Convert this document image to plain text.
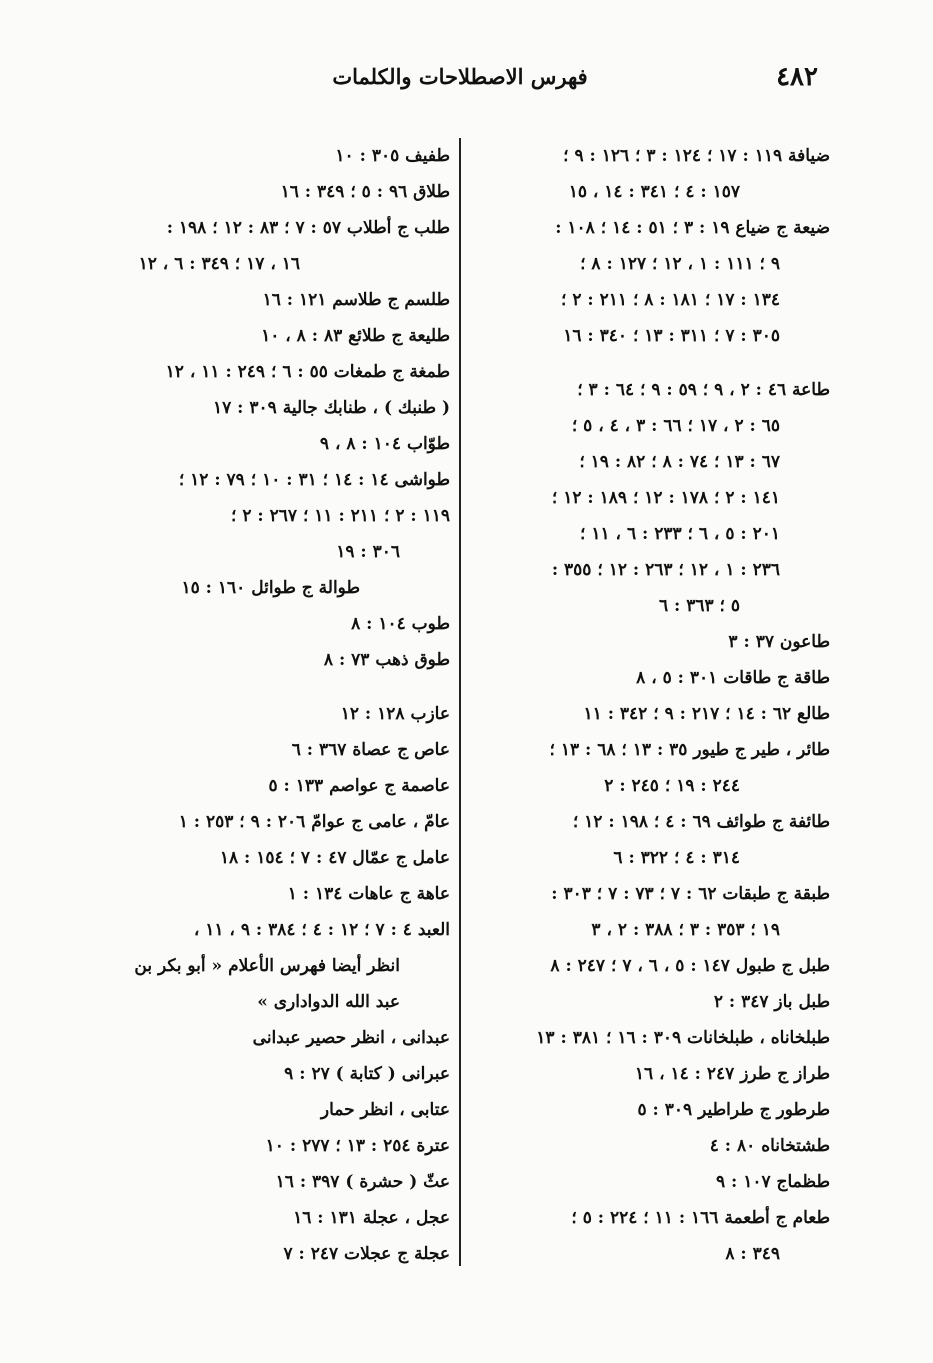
٤٨٢
فهرس الاصطلاحات والكلمات
ضيافة ١١٩ : ١٧ ؛ ١٢٤ : ٣ ؛ ١٢٦ : ٩ ؛
١٥٧ : ٤ ؛ ٣٤١ : ١٤ ، ١٥
ضيعة ج ضياع ١٩ : ٣ ؛ ٥١ : ١٤ ؛ ١٠٨ :
٩ ؛ ١١١ : ١ ، ١٢ ؛ ١٢٧ : ٨ ؛
١٣٤ : ١٧ ؛ ١٨١ : ٨ ؛ ٢١١ : ٢ ؛
٣٠٥ : ٧ ؛ ٣١١ : ١٣ ؛ ٣٤٠ : ١٦
طاعة ٤٦ : ٢ ، ٩ ؛ ٥٩ : ٩ ؛ ٦٤ : ٣ ؛
٦٥ : ٢ ، ١٧ ؛ ٦٦ : ٣ ، ٤ ، ٥ ؛
٦٧ : ١٣ ؛ ٧٤ : ٨ ؛ ٨٢ : ١٩ ؛
١٤١ : ٢ ؛ ١٧٨ : ١٢ ؛ ١٨٩ : ١٢ ؛
٢٠١ : ٥ ، ٦ ؛ ٢٣٣ : ٦ ، ١١ ؛
٢٣٦ : ١ ، ١٢ ؛ ٢٦٣ : ١٢ ؛ ٣٥٥ :
٥ ؛ ٣٦٣ : ٦
طاعون ٣٧ : ٣
طاقة ج طاقات ٣٠١ : ٥ ، ٨
طالع ٦٢ : ١٤ ؛ ٢١٧ : ٩ ؛ ٣٤٢ : ١١
طائر ، طير ج طيور ٣٥ : ١٣ ؛ ٦٨ : ١٣ ؛
٢٤٤ : ١٩ ؛ ٢٤٥ : ٢
طائفة ج طوائف ٦٩ : ٤ ؛ ١٩٨ : ١٢ ؛
٣١٤ : ٤ ؛ ٣٢٢ : ٦
طبقة ج طبقات ٦٢ : ٧ ؛ ٧٣ : ٧ ؛ ٣٠٣ :
١٩ ؛ ٣٥٣ : ٣ ؛ ٣٨٨ : ٢ ، ٣
طبل ج طبول ١٤٧ : ٥ ، ٦ ، ٧ ؛ ٢٤٧ : ٨
طبل باز ٣٤٧ : ٢
طبلخاناه ، طبلخانات ٣٠٩ : ١٦ ؛ ٣٨١ : ١٣
طراز ج طرز ٢٤٧ : ١٤ ، ١٦
طرطور ج طراطير ٣٠٩ : ٥
طشتخاناه ٨٠ : ٤
طظماج ١٠٧ : ٩
طعام ج أطعمة ١٦٦ : ١١ ؛ ٢٢٤ : ٥ ؛
٣٤٩ : ٨
طفيف ٣٠٥ : ١٠
طلاق ٩٦ : ٥ ؛ ٣٤٩ : ١٦
طلب ج أطلاب ٥٧ : ٧ ؛ ٨٣ : ١٢ ؛ ١٩٨ :
١٦ ، ١٧ ؛ ٣٤٩ : ٦ ، ١٢
طلسم ج طلاسم ١٢١ : ١٦
طليعة ج طلائع ٨٣ : ٨ ، ١٠
طمغة ج طمغات ٥٥ : ٦ ؛ ٢٤٩ : ١١ ، ١٢
( طنبك ) ، طنابك جالية ٣٠٩ : ١٧
طوّاب ١٠٤ : ٨ ، ٩
طواشى ١٤ : ١٤ ؛ ٣١ : ١٠ ؛ ٧٩ : ١٢ ؛
١١٩ : ٢ ؛ ٢١١ : ١١ ؛ ٢٦٧ : ٢ ؛
٣٠٦ : ١٩
طوالة ج طوائل ١٦٠ : ١٥
طوب ١٠٤ : ٨
طوق ذهب ٧٣ : ٨
عازب ١٢٨ : ١٢
عاص ج عصاة ٣٦٧ : ٦
عاصمة ج عواصم ١٣٣ : ٥
عامّ ، عامى ج عوامّ ٢٠٦ : ٩ ؛ ٢٥٣ : ١
عامل ج عمّال ٤٧ : ٧ ؛ ١٥٤ : ١٨
عاهة ج عاهات ١٣٤ : ١
العبد ٤ : ٧ ؛ ١٢ : ٤ ؛ ٣٨٤ : ٩ ، ١١ ،
انظر أيضا فهرس الأعلام « أبو بكر بن
عبد الله الدوادارى »
عبدانى ، انظر حصير عبدانى
عبرانى ( كتابة ) ٢٧ : ٩
عتابى ، انظر حمار
عترة ٢٥٤ : ١٣ ؛ ٢٧٧ : ١٠
عثّ ( حشرة ) ٣٩٧ : ١٦
عجل ، عجلة ١٣١ : ١٦
عجلة ج عجلات ٢٤٧ : ٧
